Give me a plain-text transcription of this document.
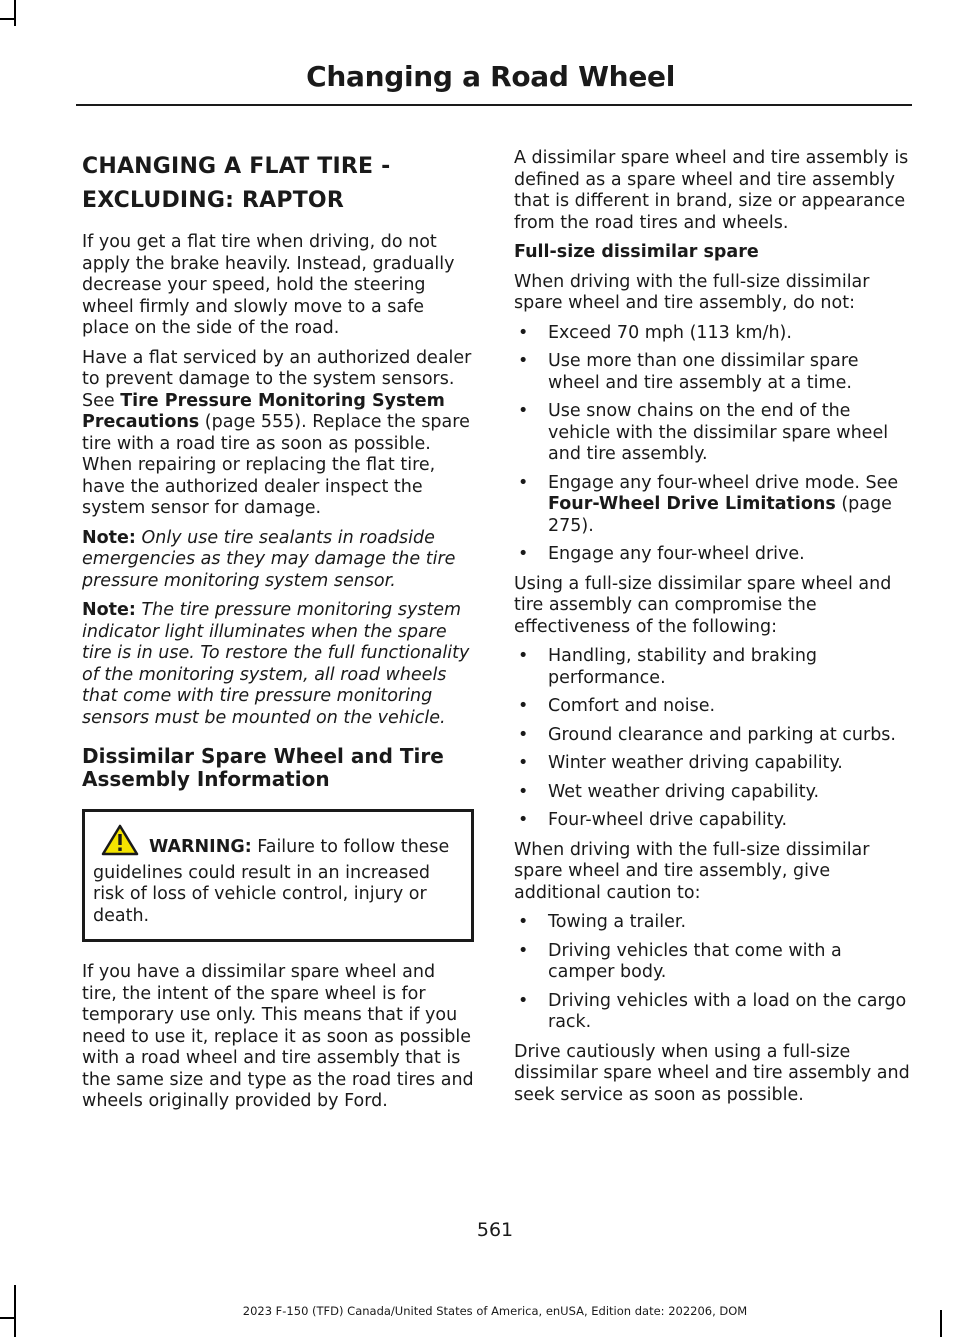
Changing a Road Wheel
CHANGING A FLAT TIRE -
EXCLUDING: RAPTOR

If you get a flat tire when driving, do not apply the brake heavily. Instead, gradually decrease your speed, hold the steering wheel firmly and slowly move to a safe place on the side of the road.

Have a flat serviced by an authorized dealer to prevent damage to the system sensors. See Tire Pressure Monitoring System Precautions (page 555). Replace the spare tire with a road tire as soon as possible. When repairing or replacing the flat tire, have the authorized dealer inspect the system sensor for damage.

Note: Only use tire sealants in roadside emergencies as they may damage the tire pressure monitoring system sensor.

Note: The tire pressure monitoring system indicator light illuminates when the spare tire is in use. To restore the full functionality of the monitoring system, all road wheels that come with tire pressure monitoring sensors must be mounted on the vehicle.

Dissimilar Spare Wheel and Tire Assembly Information
WARNING: Failure to follow these guidelines could result in an increased risk of loss of vehicle control, injury or death.

If you have a dissimilar spare wheel and tire, the intent of the spare wheel is for temporary use only. This means that if you need to use it, replace it as soon as possible with a road wheel and tire assembly that is the same size and type as the road tires and wheels originally provided by Ford.

A dissimilar spare wheel and tire assembly is defined as a spare wheel and tire assembly that is different in brand, size or appearance from the road tires and wheels.

Full-size dissimilar spare

When driving with the full-size dissimilar spare wheel and tire assembly, do not:

• Exceed 70 mph (113 km/h).
• Use more than one dissimilar spare wheel and tire assembly at a time.
• Use snow chains on the end of the vehicle with the dissimilar spare wheel and tire assembly.
• Engage any four-wheel drive mode. See Four-Wheel Drive Limitations (page 275).
• Engage any four-wheel drive.

Using a full-size dissimilar spare wheel and tire assembly can compromise the effectiveness of the following:

• Handling, stability and braking performance.
• Comfort and noise.
• Ground clearance and parking at curbs.
• Winter weather driving capability.
• Wet weather driving capability.
• Four-wheel drive capability.

When driving with the full-size dissimilar spare wheel and tire assembly, give additional caution to:

• Towing a trailer.
• Driving vehicles that come with a camper body.
• Driving vehicles with a load on the cargo rack.

Drive cautiously when using a full-size dissimilar spare wheel and tire assembly and seek service as soon as possible.

561
2023 F-150 (TFD) Canada/United States of America, enUSA, Edition date: 202206, DOM
